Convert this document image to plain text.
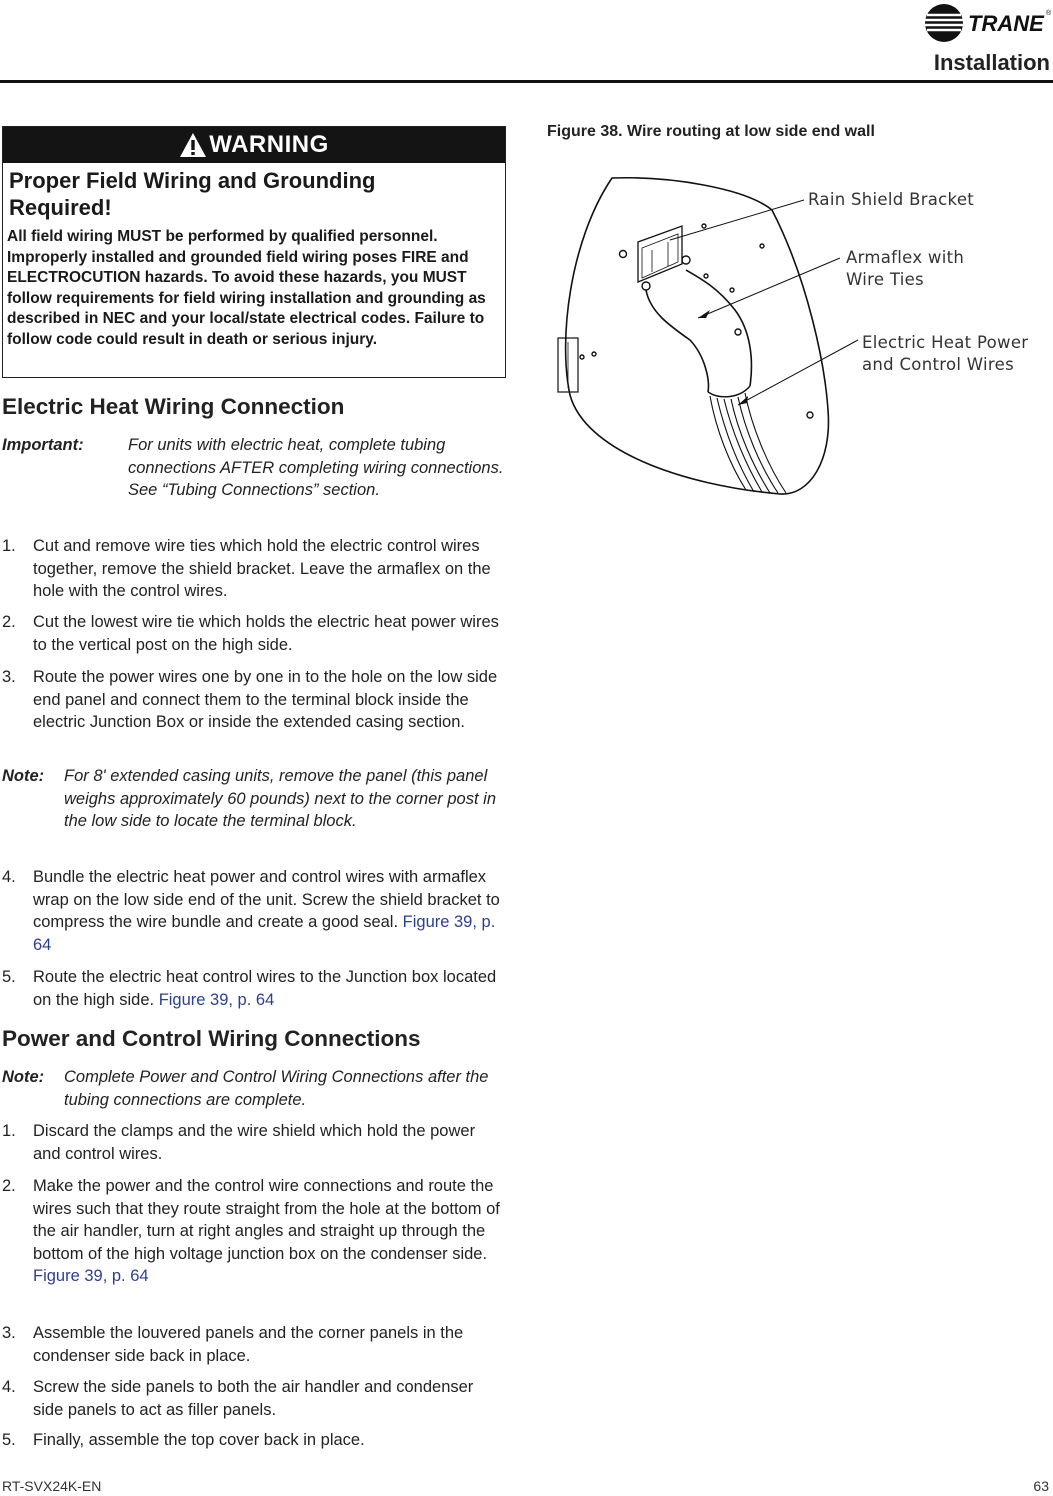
TRANE ®
Installation
WARNING
Proper Field Wiring and Grounding Required!
All field wiring MUST be performed by qualified personnel. Improperly installed and grounded field wiring poses FIRE and ELECTROCUTION hazards. To avoid these hazards, you MUST follow requirements for field wiring installation and grounding as described in NEC and your local/state electrical codes. Failure to follow code could result in death or serious injury.
Electric Heat Wiring Connection
Important:	For units with electric heat, complete tubing connections AFTER completing wiring connections. See “Tubing Connections” section.
1. Cut and remove wire ties which hold the electric control wires together, remove the shield bracket. Leave the armaflex on the hole with the control wires.
2. Cut the lowest wire tie which holds the electric heat power wires to the vertical post on the high side.
3. Route the power wires one by one in to the hole on the low side end panel and connect them to the terminal block inside the electric Junction Box or inside the extended casing section.
Note: For 8' extended casing units, remove the panel (this panel weighs approximately 60 pounds) next to the corner post in the low side to locate the terminal block.
4. Bundle the electric heat power and control wires with armaflex wrap on the low side end of the unit. Screw the shield bracket to compress the wire bundle and create a good seal. Figure 39, p. 64
5. Route the electric heat control wires to the Junction box located on the high side. Figure 39, p. 64
Power and Control Wiring Connections
Note: Complete Power and Control Wiring Connections after the tubing connections are complete.
1. Discard the clamps and the wire shield which hold the power and control wires.
2. Make the power and the control wire connections and route the wires such that they route straight from the hole at the bottom of the air handler, turn at right angles and straight up through the bottom of the high voltage junction box on the condenser side. Figure 39, p. 64
3. Assemble the louvered panels and the corner panels in the condenser side back in place.
4. Screw the side panels to both the air handler and condenser side panels to act as filler panels.
5. Finally, assemble the top cover back in place.
Figure 38. Wire routing at low side end wall
Rain Shield Bracket
Armaflex with
Wire Ties
Electric Heat Power
and Control Wires
RT-SVX24K-EN	63
